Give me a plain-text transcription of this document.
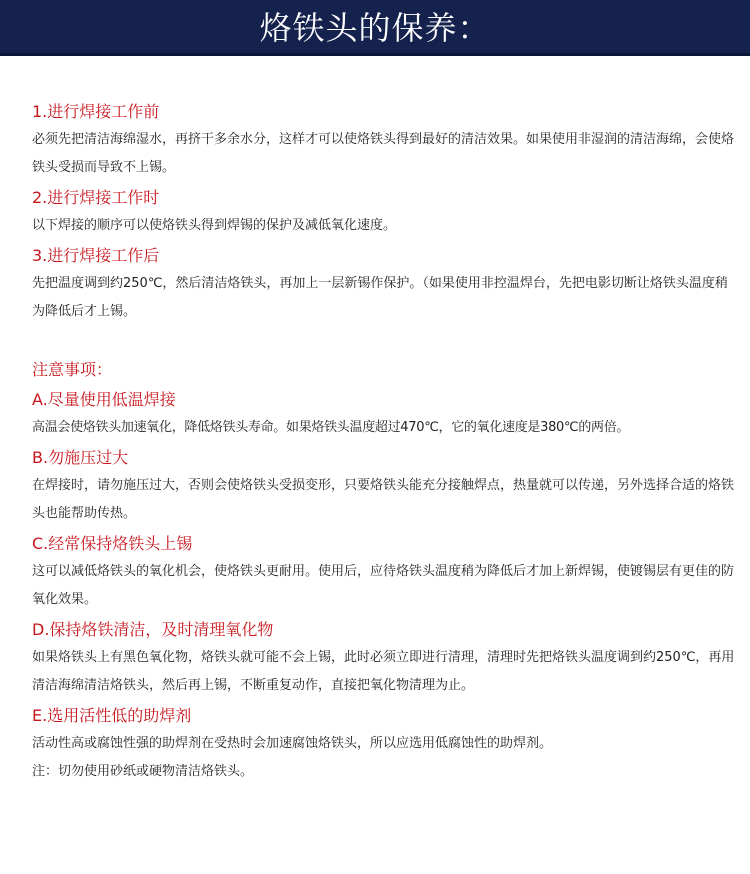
烙铁头的保养：
1.进行焊接工作前

必须先把清洁海绵湿水，再挤干多余水分，这样才可以使烙铁头得到最好的清洁效果。如果使用非湿润的清洁海绵，会使烙铁头受损而导致不上锡。

2.进行焊接工作时

以下焊接的顺序可以使烙铁头得到焊锡的保护及减低氧化速度。

3.进行焊接工作后

先把温度调到约250℃，然后清洁烙铁头，再加上一层新锡作保护。（如果使用非控温焊台，先把电影切断让烙铁头温度稍为降低后才上锡。

注意事项：
A.尽量使用低温焊接

高温会使烙铁头加速氧化，降低烙铁头寿命。如果烙铁头温度超过470℃，它的氧化速度是380℃的两倍。

B.勿施压过大

在焊接时，请勿施压过大，否则会使烙铁头受损变形，只要烙铁头能充分接触焊点，热量就可以传递，另外选择合适的烙铁头也能帮助传热。

C.经常保持烙铁头上锡

这可以减低烙铁头的氧化机会，使烙铁头更耐用。使用后，应待烙铁头温度稍为降低后才加上新焊锡，使镀锡层有更佳的防氧化效果。

D.保持烙铁清洁，及时清理氧化物

如果烙铁头上有黑色氧化物，烙铁头就可能不会上锡，此时必须立即进行清理，清理时先把烙铁头温度调到约250℃，再用清洁海绵清洁烙铁头，然后再上锡，不断重复动作，直接把氧化物清理为止。

E.选用活性低的助焊剂

活动性高或腐蚀性强的助焊剂在受热时会加速腐蚀烙铁头，所以应选用低腐蚀性的助焊剂。

注：切勿使用砂纸或硬物清洁烙铁头。
